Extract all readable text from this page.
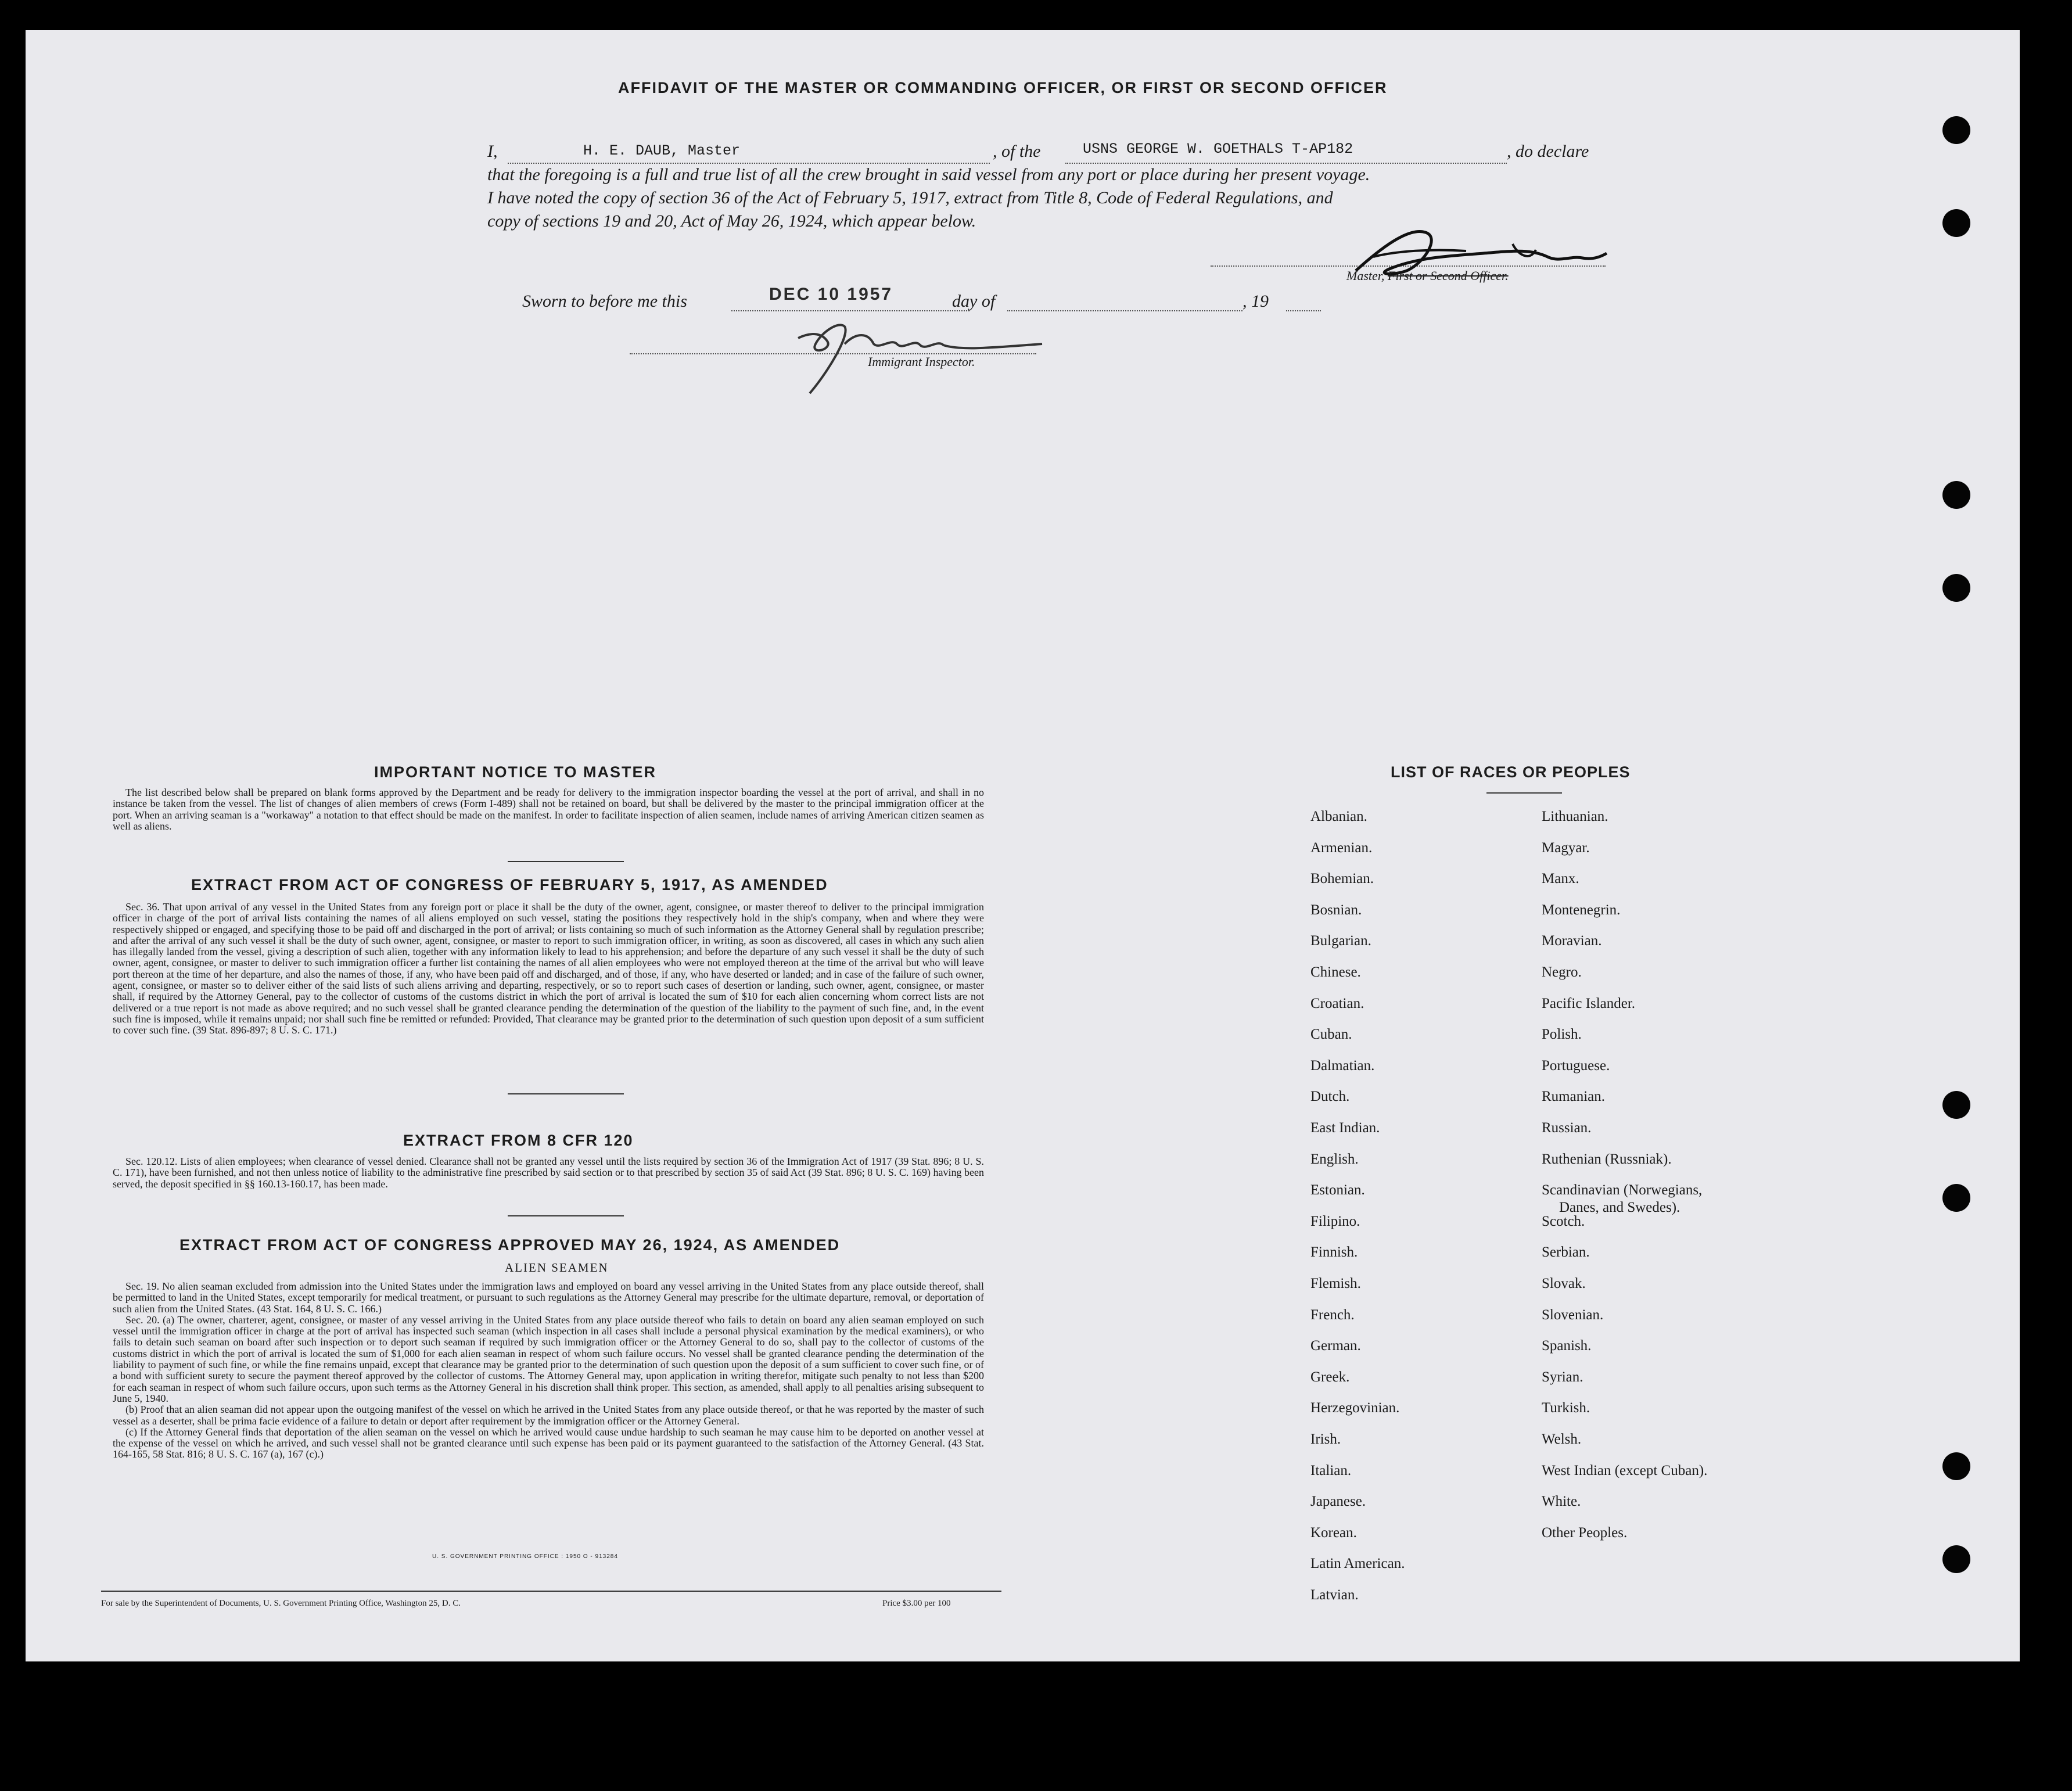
AFFIDAVIT OF THE MASTER OR COMMANDING OFFICER, OR FIRST OR SECOND OFFICER
I,	H. E. DAUB, Master	, of the	USNS GEORGE W. GOETHALS T-AP182	, do declare
that the foregoing is a full and true list of all the crew brought in said vessel from any port or place during her present voyage.
I have noted the copy of section 36 of the Act of February 5, 1917, extract from Title 8, Code of Federal Regulations, and
copy of sections 19 and 20, Act of May 26, 1924, which appear below.
Master, First or Second Officer.
Sworn to before me this	DEC 10 1957	day of	, 19
Immigrant Inspector.
IMPORTANT NOTICE TO MASTER

The list described below shall be prepared on blank forms approved by the Department and be ready for delivery to the immigration inspector boarding the vessel at the port of arrival, and shall in no instance be taken from the vessel. The list of changes of alien members of crews (Form I-489) shall not be retained on board, but shall be delivered by the master to the principal immigration officer at the port. When an arriving seaman is a "workaway" a notation to that effect should be made on the manifest. In order to facilitate inspection of alien seamen, include names of arriving American citizen seamen as well as aliens.

EXTRACT FROM ACT OF CONGRESS OF FEBRUARY 5, 1917, AS AMENDED

Sec. 36. That upon arrival of any vessel in the United States from any foreign port or place it shall be the duty of the owner, agent, consignee, or master thereof to deliver to the principal immigration officer in charge of the port of arrival lists containing the names of all aliens employed on such vessel, stating the positions they respectively hold in the ship's company, when and where they were respectively shipped or engaged, and specifying those to be paid off and discharged in the port of arrival; or lists containing so much of such information as the Attorney General shall by regulation prescribe; and after the arrival of any such vessel it shall be the duty of such owner, agent, consignee, or master to report to such immigration officer, in writing, as soon as discovered, all cases in which any such alien has illegally landed from the vessel, giving a description of such alien, together with any information likely to lead to his apprehension; and before the departure of any such vessel it shall be the duty of such owner, agent, consignee, or master to deliver to such immigration officer a further list containing the names of all alien employees who were not employed thereon at the time of the arrival but who will leave port thereon at the time of her departure, and also the names of those, if any, who have been paid off and discharged, and of those, if any, who have deserted or landed; and in case of the failure of such owner, agent, consignee, or master so to deliver either of the said lists of such aliens arriving and departing, respectively, or so to report such cases of desertion or landing, such owner, agent, consignee, or master shall, if required by the Attorney General, pay to the collector of customs of the customs district in which the port of arrival is located the sum of $10 for each alien concerning whom correct lists are not delivered or a true report is not made as above required; and no such vessel shall be granted clearance pending the determination of the question of the liability to the payment of such fine, and, in the event such fine is imposed, while it remains unpaid; nor shall such fine be remitted or refunded: Provided, That clearance may be granted prior to the determination of such question upon deposit of a sum sufficient to cover such fine. (39 Stat. 896-897; 8 U. S. C. 171.)

EXTRACT FROM 8 CFR 120

Sec. 120.12. Lists of alien employees; when clearance of vessel denied. Clearance shall not be granted any vessel until the lists required by section 36 of the Immigration Act of 1917 (39 Stat. 896; 8 U. S. C. 171), have been furnished, and not then unless notice of liability to the administrative fine prescribed by said section or to that prescribed by section 35 of said Act (39 Stat. 896; 8 U. S. C. 169) having been served, the deposit specified in §§ 160.13-160.17, has been made.

EXTRACT FROM ACT OF CONGRESS APPROVED MAY 26, 1924, AS AMENDED
ALIEN SEAMEN

Sec. 19. No alien seaman excluded from admission into the United States under the immigration laws and employed on board any vessel arriving in the United States from any place outside thereof, shall be permitted to land in the United States, except temporarily for medical treatment, or pursuant to such regulations as the Attorney General may prescribe for the ultimate departure, removal, or deportation of such alien from the United States. (43 Stat. 164, 8 U. S. C. 166.)

Sec. 20. (a) The owner, charterer, agent, consignee, or master of any vessel arriving in the United States from any place outside thereof who fails to detain on board any alien seaman employed on such vessel until the immigration officer in charge at the port of arrival has inspected such seaman (which inspection in all cases shall include a personal physical examination by the medical examiners), or who fails to detain such seaman on board after such inspection or to deport such seaman if required by such immigration officer or the Attorney General to do so, shall pay to the collector of customs of the customs district in which the port of arrival is located the sum of $1,000 for each alien seaman in respect of whom such failure occurs. No vessel shall be granted clearance pending the determination of the liability to payment of such fine, or while the fine remains unpaid, except that clearance may be granted prior to the determination of such question upon the deposit of a sum sufficient to cover such fine, or of a bond with sufficient surety to secure the payment thereof approved by the collector of customs. The Attorney General may, upon application in writing therefor, mitigate such penalty to not less than $200 for each seaman in respect of whom such failure occurs, upon such terms as the Attorney General in his discretion shall think proper. This section, as amended, shall apply to all penalties arising subsequent to June 5, 1940.

(b) Proof that an alien seaman did not appear upon the outgoing manifest of the vessel on which he arrived in the United States from any place outside thereof, or that he was reported by the master of such vessel as a deserter, shall be prima facie evidence of a failure to detain or deport after requirement by the immigration officer or the Attorney General.

(c) If the Attorney General finds that deportation of the alien seaman on the vessel on which he arrived would cause undue hardship to such seaman he may cause him to be deported on another vessel at the expense of the vessel on which he arrived, and such vessel shall not be granted clearance until such expense has been paid or its payment guaranteed to the satisfaction of the Attorney General. (43 Stat. 164-165, 58 Stat. 816; 8 U. S. C. 167 (a), 167 (c).)

U. S. GOVERNMENT PRINTING OFFICE : 1950 O - 913284
For sale by the Superintendent of Documents, U. S. Government Printing Office, Washington 25, D. C.	Price $3.00 per 100
LIST OF RACES OR PEOPLES
Albanian.
Armenian.
Bohemian.
Bosnian.
Bulgarian.
Chinese.
Croatian.
Cuban.
Dalmatian.
Dutch.
East Indian.
English.
Estonian.
Filipino.
Finnish.
Flemish.
French.
German.
Greek.
Herzegovinian.
Irish.
Italian.
Japanese.
Korean.
Latin American.
Latvian.
Lithuanian.
Magyar.
Manx.
Montenegrin.
Moravian.
Negro.
Pacific Islander.
Polish.
Portuguese.
Rumanian.
Russian.
Ruthenian (Russniak).
Scandinavian (Norwegians,
Danes, and Swedes).
Scotch.
Serbian.
Slovak.
Slovenian.
Spanish.
Syrian.
Turkish.
Welsh.
West Indian (except Cuban).
White.
Other Peoples.
